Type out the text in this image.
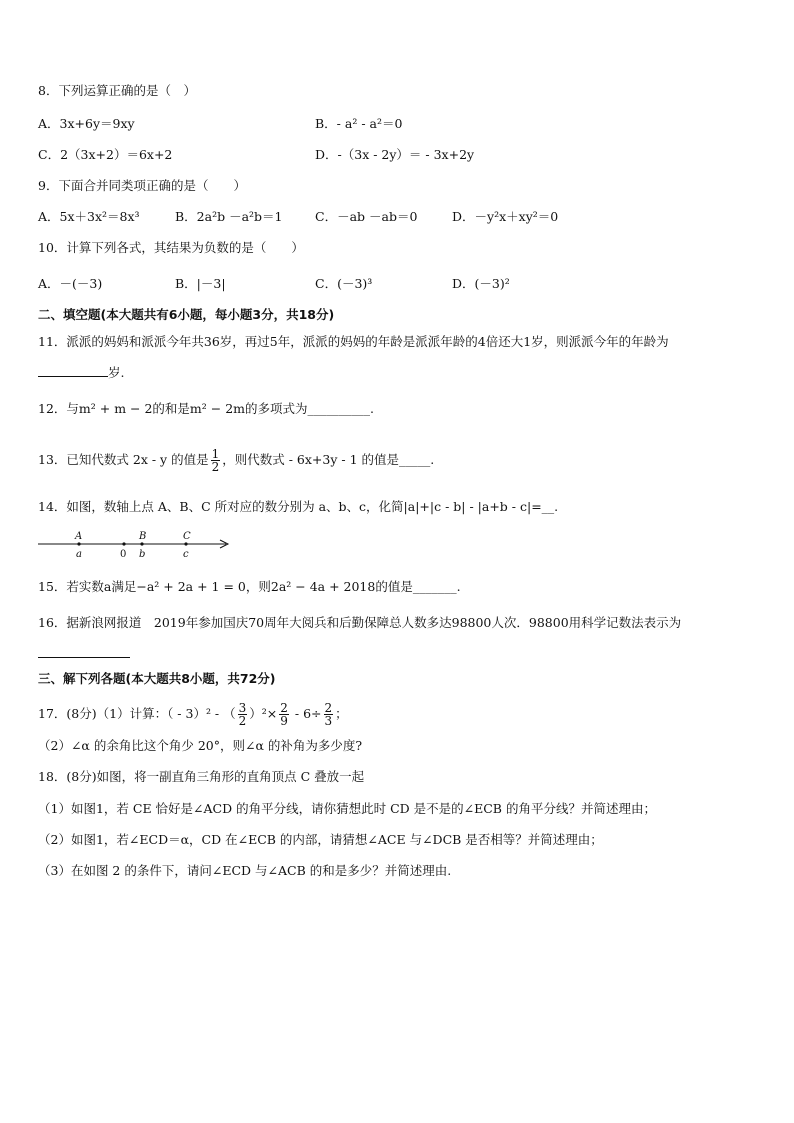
8．下列运算正确的是（　）
A．3x+6y＝9xy	B．- a² - a²＝0
C．2（3x+2）＝6x+2	D．-（3x - 2y）＝ - 3x+2y
9．下面合并同类项正确的是（　　）
A．5x＋3x²＝8x³	B．2a²b －a²b＝1	C．－ab －ab＝0	D．－y²x＋xy²＝0
10．计算下列各式，其结果为负数的是（　　）
A．－(－3)	B．|－3|	C．(－3)³	D．(－3)²
二、填空题(本大题共有6小题，每小题3分，共18分)
11．派派的妈妈和派派今年共36岁，再过5年，派派的妈妈的年龄是派派年龄的4倍还大1岁，则派派今年的年龄为
岁.
12．与m² + m − 2的和是m² − 2m的多项式为__________.
13．已知代数式 2x - y 的值是 $\frac{1}{2}$ ，则代数式 - 6x+3y - 1 的值是_____.
14．如图，数轴上点 A、B、C 所对应的数分别为 a、b、c，化简|a|+|c - b| - |a+b - c|=__.
A
a	0
B
b
C
c
15．若实数a满足−a² + 2a + 1 = 0，则2a² − 4a + 2018的值是_______.
16．据新浪网报道　2019年参加国庆70周年大阅兵和后勤保障总人数多达98800人次．98800用科学记数法表示为
三、解下列各题(本大题共8小题，共72分)
17．(8分)（1）计算：（ - 3）² - （ $\frac{3}{2} )^2\times \frac{2}{9} - 6\div \frac{2}{3}$ ；
（2）∠α 的余角比这个角少 20°，则∠α 的补角为多少度?
18．(8分)如图，将一副直角三角形的直角顶点 C 叠放一起
（1）如图1，若 CE 恰好是∠ACD 的角平分线，请你猜想此时 CD 是不是的∠ECB 的角平分线？并简述理由；
（2）如图1，若∠ECD＝α，CD 在∠ECB 的内部，请猜想∠ACE 与∠DCB 是否相等？并简述理由；
（3）在如图 2 的条件下，请问∠ECD 与∠ACB 的和是多少？并简述理由.
